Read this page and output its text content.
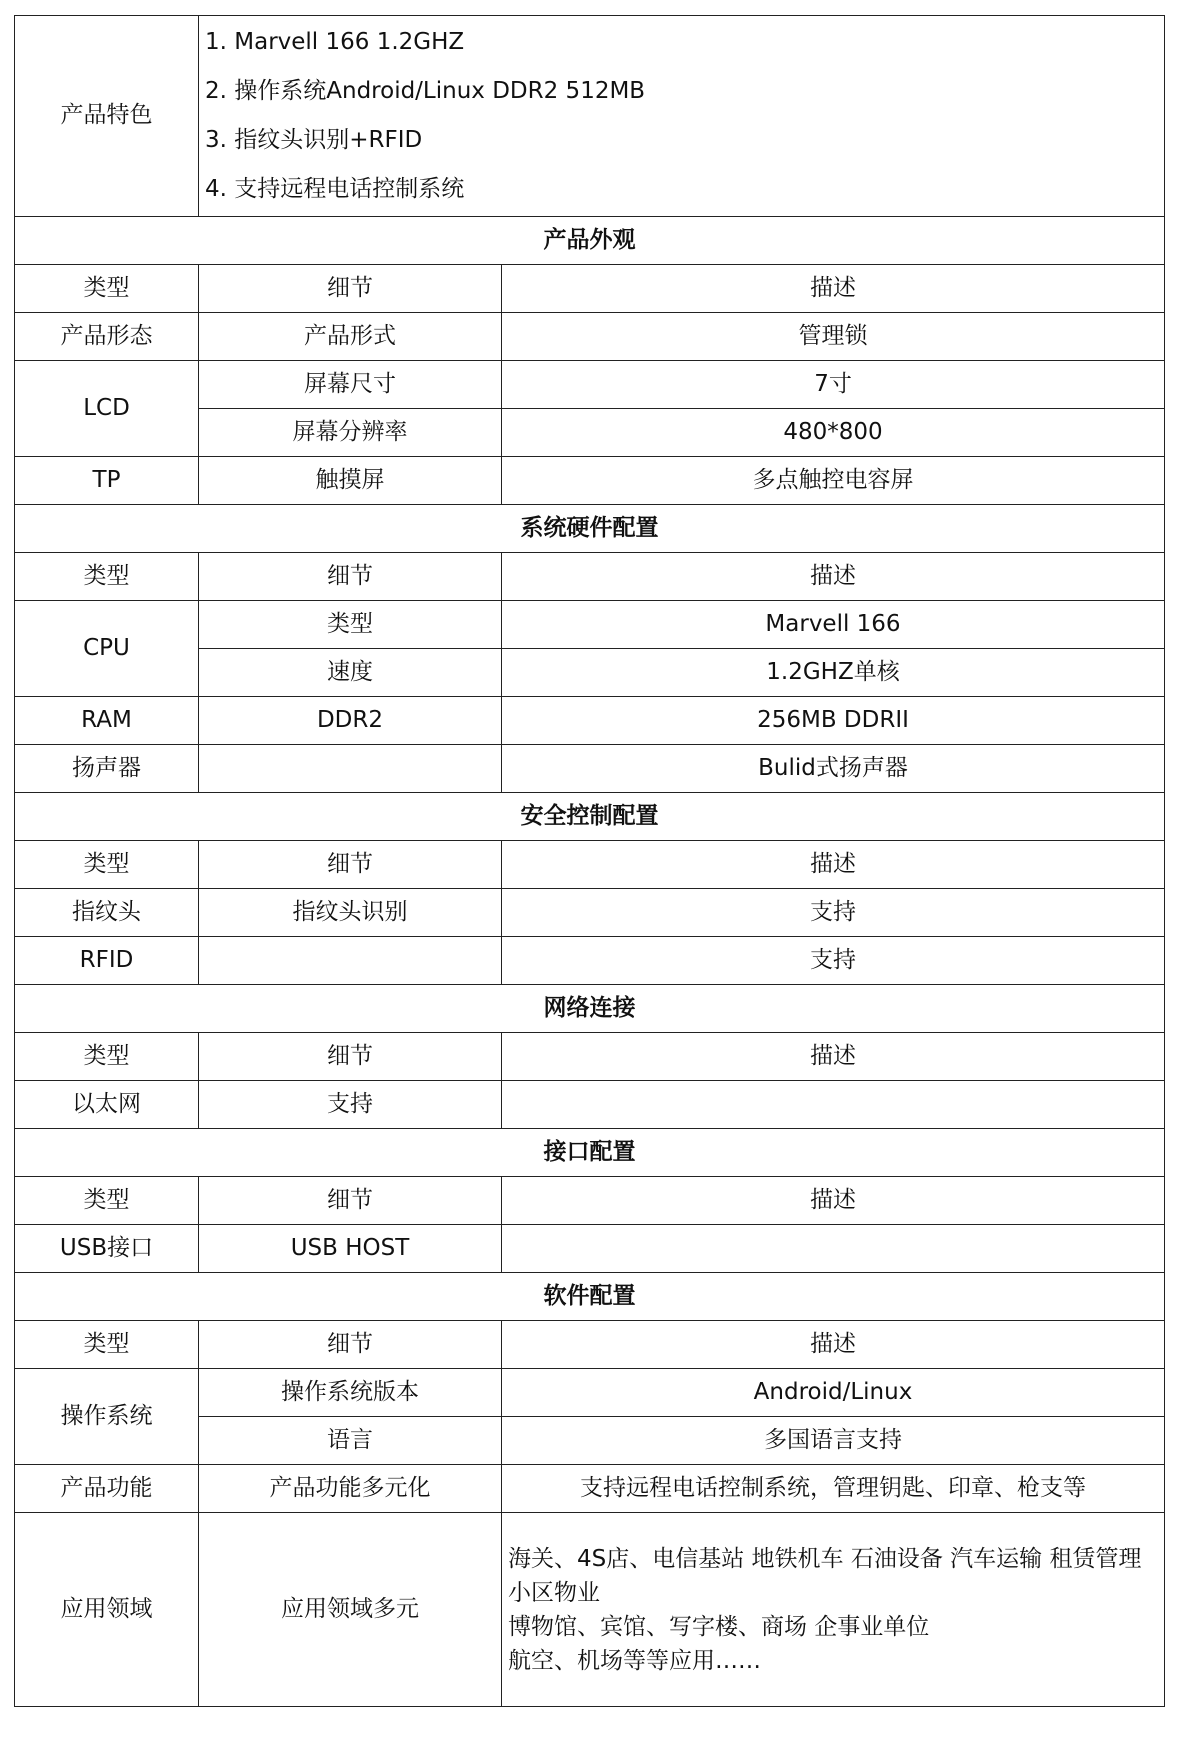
产品特色	1. Marvell 166 1.2GHZ
2. 操作系统Android/Linux DDR2 512MB
3. 指纹头识别+RFID
4. 支持远程电话控制系统	

产品外观		
类型	细节	描述
产品形态	产品形式	管理锁
LCD	屏幕尺寸	7寸
	屏幕分辨率	480*800
TP	触摸屏	多点触控电容屏
系统硬件配置		
类型	细节	描述
CPU	类型	Marvell 166
	速度	1.2GHZ单核
RAM	DDR2	256MB DDRII
扬声器		Bulid式扬声器
安全控制配置		
类型	细节	描述
指纹头	指纹头识别	支持
RFID		支持
网络连接		
类型	细节	描述
以太网	支持	
接口配置		
类型	细节	描述
USB接口	USB HOST	
软件配置		
类型	细节	描述
操作系统	操作系统版本	Android/Linux
	语言	多国语言支持
产品功能	产品功能多元化	支持远程电话控制系统，管理钥匙、印章、枪支等
应用领域	应用领域多元	海关、4S店、电信基站 地铁机车 石油设备 汽车运输 租赁管理 小区物业
博物馆、宾馆、写字楼、商场 企事业单位
航空、机场等等应用……
